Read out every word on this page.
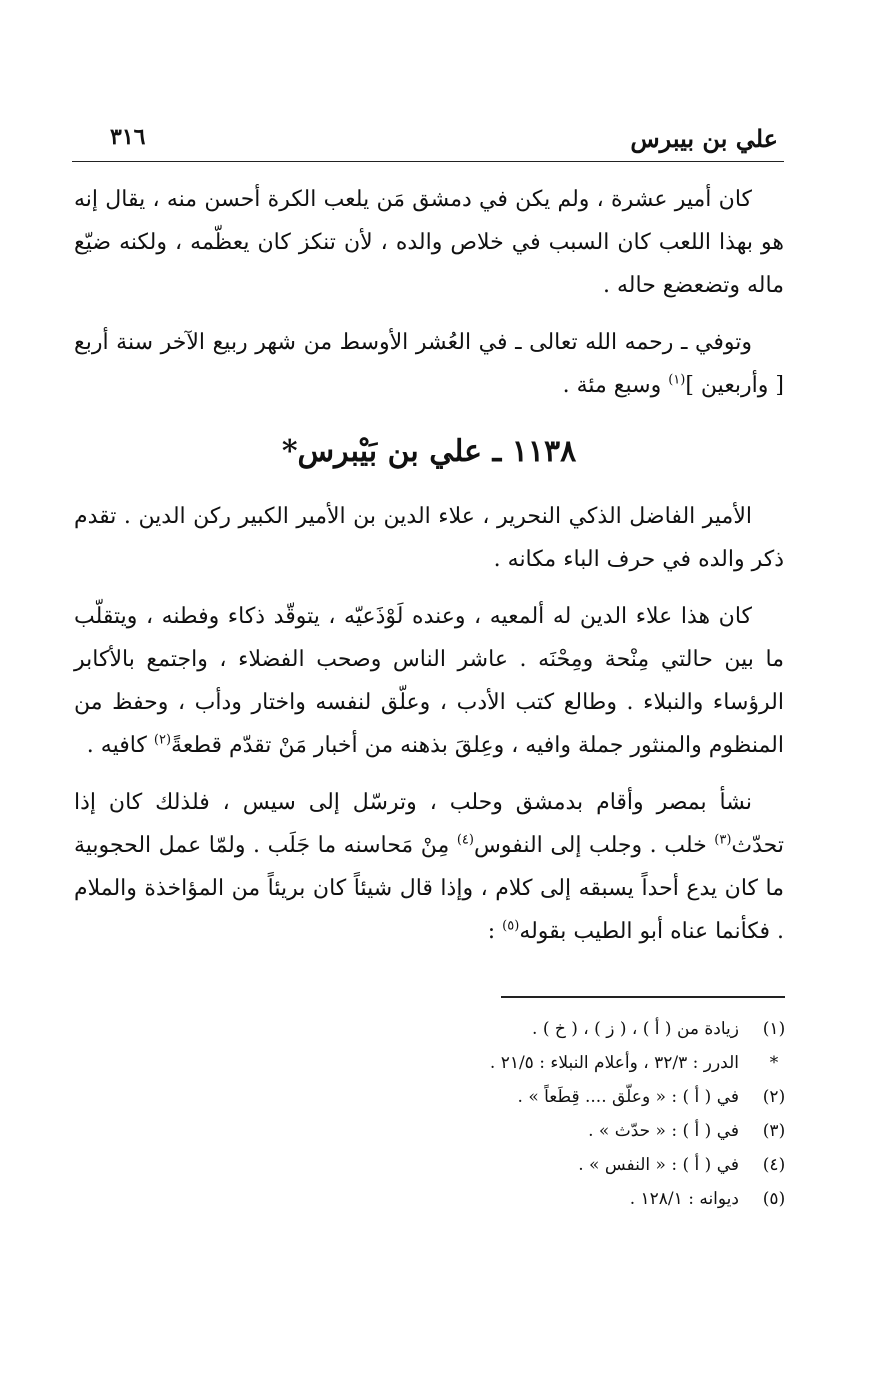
علي بن بيبرس
٣١٦

كان أمير عشرة ، ولم يكن في دمشق مَن يلعب الكرة أحسن منه ، يقال إنه هو بهذا اللعب كان السبب في خلاص والده ، لأن تنكز كان يعظّمه ، ولكنه ضيّع ماله وتضعضع حاله .

وتوفي ـ رحمه الله تعالى ـ في العُشر الأوسط من شهر ربيع الآخر سنة أربع [ وأربعين ]$^{(١)}$ وسبع مئة .

١١٣٨ ـ علي بن بَيْبرس*

الأمير الفاضل الذكي النحرير ، علاء الدين بن الأمير الكبير ركن الدين . تقدم ذكر والده في حرف الباء مكانه .

كان هذا علاء الدين له ألمعيه ، وعنده لَوْذَعيّه ، يتوقّد ذكاء وفطنه ، ويتقلّب ما بين حالتي مِنْحة ومِحْنَه . عاشر الناس وصحب الفضلاء ، واجتمع بالأكابر الرؤساء والنبلاء . وطالع كتب الأدب ، وعلّق لنفسه واختار ودأب ، وحفظ من المنظوم والمنثور جملة وافيه ، وعِلقَ بذهنه من أخبار مَنْ تقدّم قطعةً$^{(٢)}$ كافيه .

نشأ بمصر وأقام بدمشق وحلب ، وترسّل إلى سيس ، فلذلك كان إذا تحدّث$^{(٣)}$ خلب . وجلب إلى النفوس$^{(٤)}$ مِنْ مَحاسنه ما جَلَب . ولمّا عمل الحجوبية ما كان يدع أحداً يسبقه إلى كلام ، وإذا قال شيئاً كان بريئاً من المؤاخذة والملام . فكأنما عناه أبو الطيب بقوله$^{(٥)}$ :

(١)
زيادة من ( أ ) ، ( ز ) ، ( خ ) .
*
الدرر : ٣٢/٣ ، وأعلام النبلاء : ٢١/٥ .
(٢)
في ( أ ) : « وعلّق .... قِطَعاً » .
(٣)
في ( أ ) : « حدّث » .
(٤)
في ( أ ) : « النفس » .
(٥)
ديوانه : ١٢٨/١ .
